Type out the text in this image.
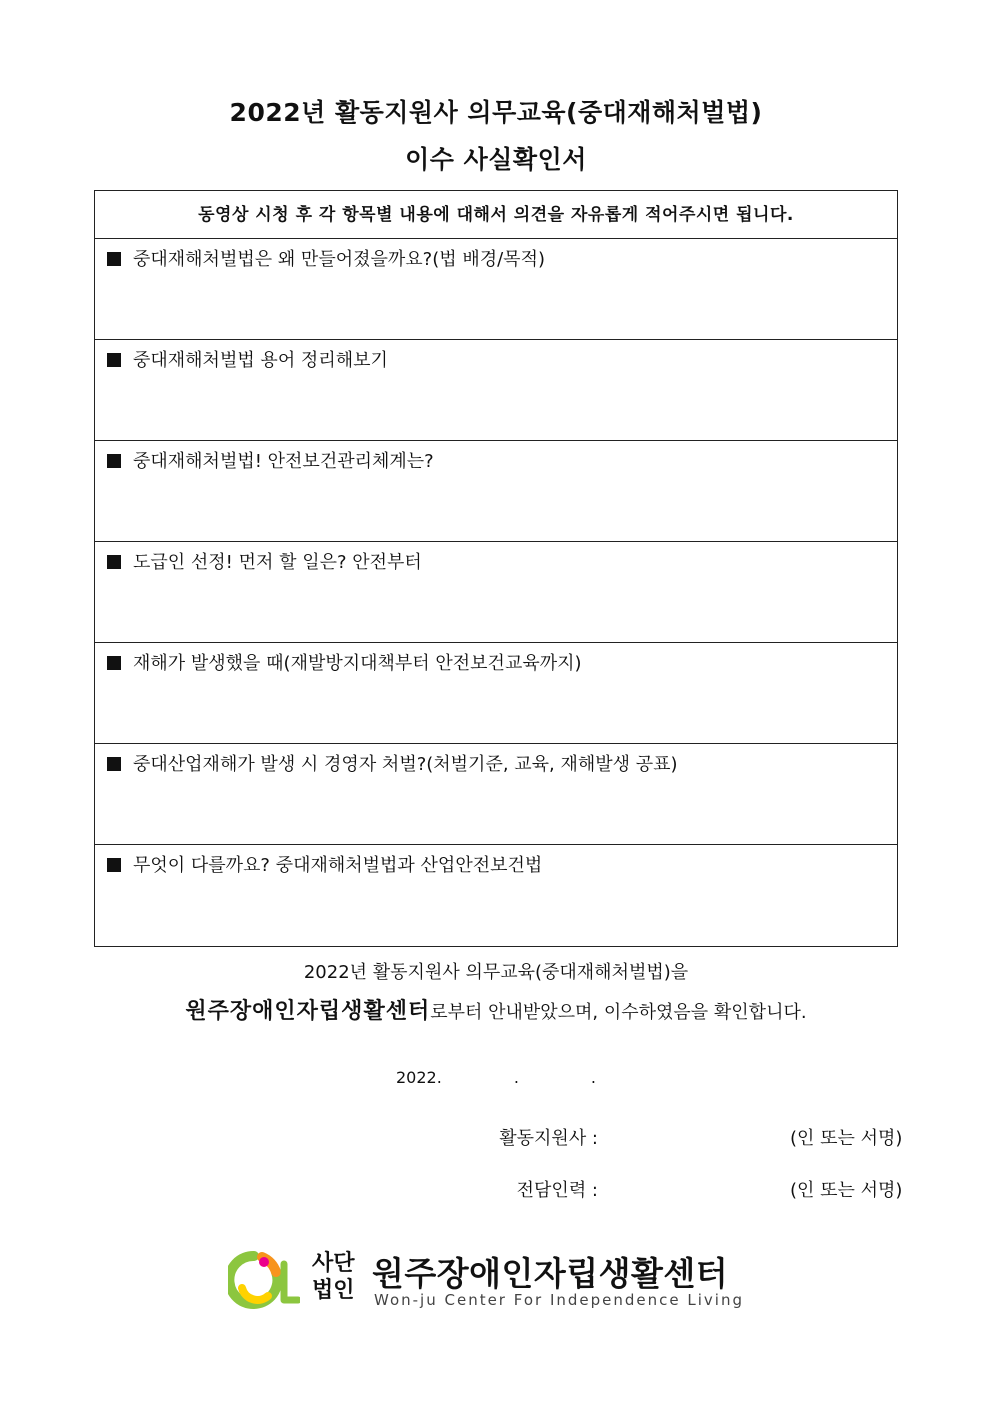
2022년 활동지원사 의무교육(중대재해처벌법)
이수 사실확인서
동영상 시청 후 각 항목별 내용에 대해서 의견을 자유롭게 적어주시면 됩니다.
중대재해처벌법은 왜 만들어졌을까요?(법 배경/목적)
중대재해처벌법 용어 정리해보기
중대재해처벌법! 안전보건관리체계는?
도급인 선정! 먼저 할 일은? 안전부터
재해가 발생했을 때(재발방지대책부터 안전보건교육까지)
중대산업재해가 발생 시 경영자 처벌?(처벌기준, 교육, 재해발생 공표)
무엇이 다를까요? 중대재해처벌법과 산업안전보건법
2022년 활동지원사 의무교육(중대재해처벌법)을
원주장애인자립생활센터로부터 안내받았으며, 이수하였음을 확인합니다.
2022.	.	.
활동지원사 :	(인 또는 서명)
전담인력 :	(인 또는 서명)
사단
법인 원주장애인자립생활센터
Won-ju Center For Independence Living
